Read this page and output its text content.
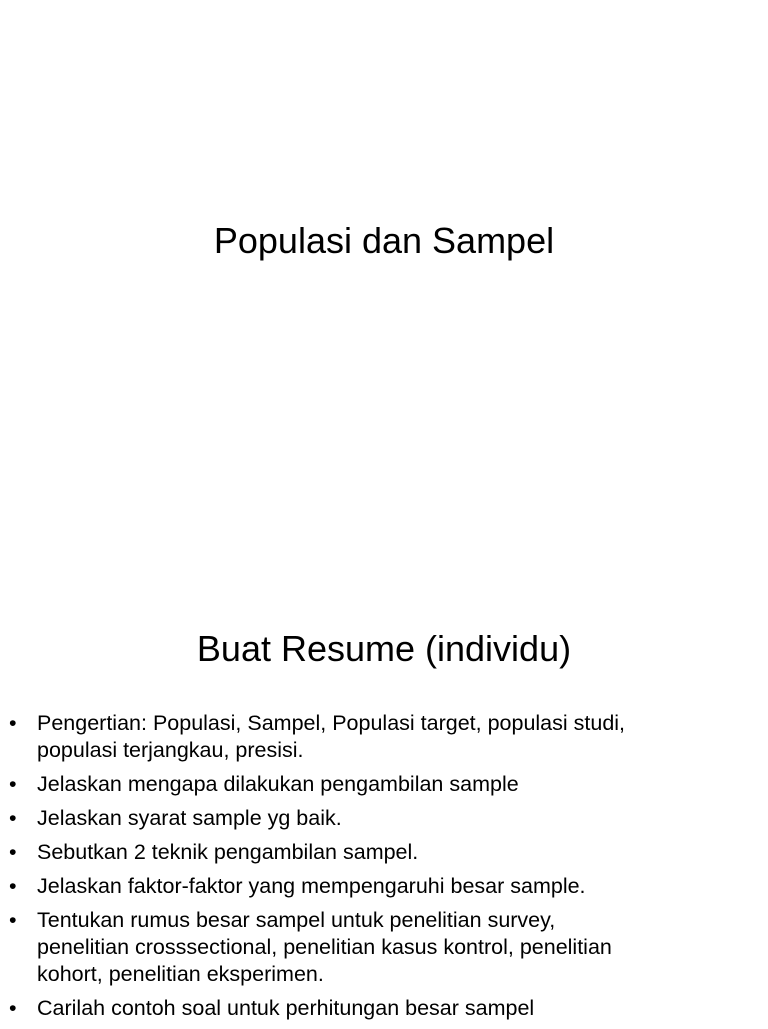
Populasi dan Sampel
Buat Resume (individu)
• Pengertian: Populasi, Sampel, Populasi target, populasi studi,
populasi terjangkau, presisi.
• Jelaskan mengapa dilakukan pengambilan sample
• Jelaskan syarat sample yg baik.
• Sebutkan 2 teknik pengambilan sampel.
• Jelaskan faktor-faktor yang mempengaruhi besar sample.
• Tentukan rumus besar sampel untuk penelitian survey,
penelitian crosssectional, penelitian kasus kontrol, penelitian
kohort, penelitian eksperimen.
• Carilah contoh soal untuk perhitungan besar sampel
